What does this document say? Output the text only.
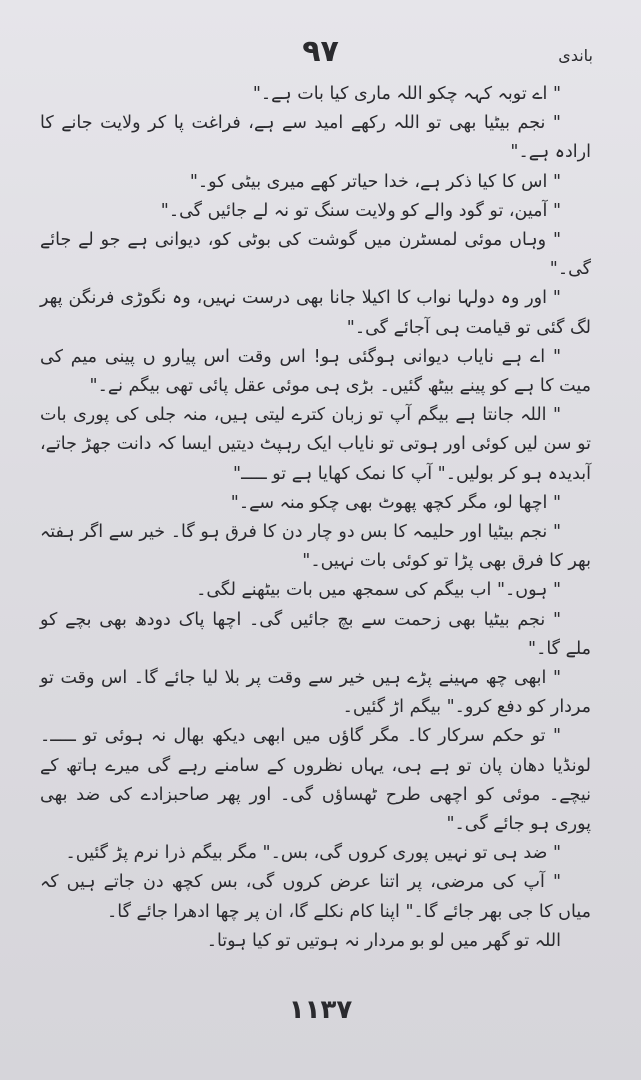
۹۷	باندی

" اے توبہ کہہ چکو اللہ ماری کیا بات ہے۔"

" نجم بیٹیا بھی تو اللہ رکھے امید سے ہے، فراغت پا کر ولایت جانے کا ارادہ ہے۔"

" اس کا کیا ذکر ہے، خدا حیاتر کھے میری بیٹی کو۔"

" آمین، تو گود والے کو ولایت سنگ تو نہ لے جائیں گی۔"

" وہاں موئی لمسٹرن میں گوشت کی بوٹی کو، دیوانی ہے جو لے جائے گی۔"

" اور وہ دولہا نواب کا اکیلا جانا بھی درست نہیں، وہ نگوڑی فرنگن پھر لگ گئی تو قیامت ہی آجائے گی۔"

" اے ہے نایاب دیوانی ہوگئی ہو! اس وقت اس پیارو ں پینی میم کی میت کا ہے کو پینے بیٹھ گئیں۔ بڑی ہی موئی عقل پائی تھی بیگم نے۔"

" اللہ جانتا ہے بیگم آپ تو زبان کترے لیتی ہیں، منہ جلی کی پوری بات تو سن لیں کوئی اور ہوتی تو نایاب ایک رہپٹ دیتیں ایسا کہ دانت جھڑ جاتے، آبدیدہ ہو کر بولیں۔" آپ کا نمک کھایا ہے تو ـــــ"

" اچھا لو، مگر کچھ پھوٹ بھی چکو منہ سے۔"

" نجم بیٹیا اور حلیمہ کا بس دو چار دن کا فرق ہو گا۔ خیر سے اگر ہفتہ بھر کا فرق بھی پڑا تو کوئی بات نہیں۔"

" ہوں۔" اب بیگم کی سمجھ میں بات بیٹھنے لگی۔

" نجم بیٹیا بھی زحمت سے بچ جائیں گی۔ اچھا پاک دودھ بھی بچے کو ملے گا۔"

" ابھی چھ مہینے پڑے ہیں خیر سے وقت پر بلا لیا جائے گا۔ اس وقت تو مردار کو دفع کرو۔" بیگم اڑ گئیں۔

" تو حکم سرکار کا۔ مگر گاؤں میں ابھی دیکھ بھال نہ ہوئی تو ـــــ۔ لونڈیا دھان پان تو ہے ہی، یہاں نظروں کے سامنے رہے گی میرے ہاتھ کے نیچے۔ موئی کو اچھی طرح ٹھساؤں گی۔ اور پھر صاحبزادے کی ضد بھی پوری ہو جائے گی۔"

" ضد ہی تو نہیں پوری کروں گی، بس۔" مگر بیگم ذرا نرم پڑ گئیں۔

" آپ کی مرضی، پر اتنا عرض کروں گی، بس کچھ دن جاتے ہیں کہ میاں کا جی بھر جائے گا۔" اپنا کام نکلے گا، ان پر چھا ادھرا جائے گا۔

اللہ تو گھر میں لو بو مردار نہ ہوتیں تو کیا ہوتا۔

۱۱۳۷
